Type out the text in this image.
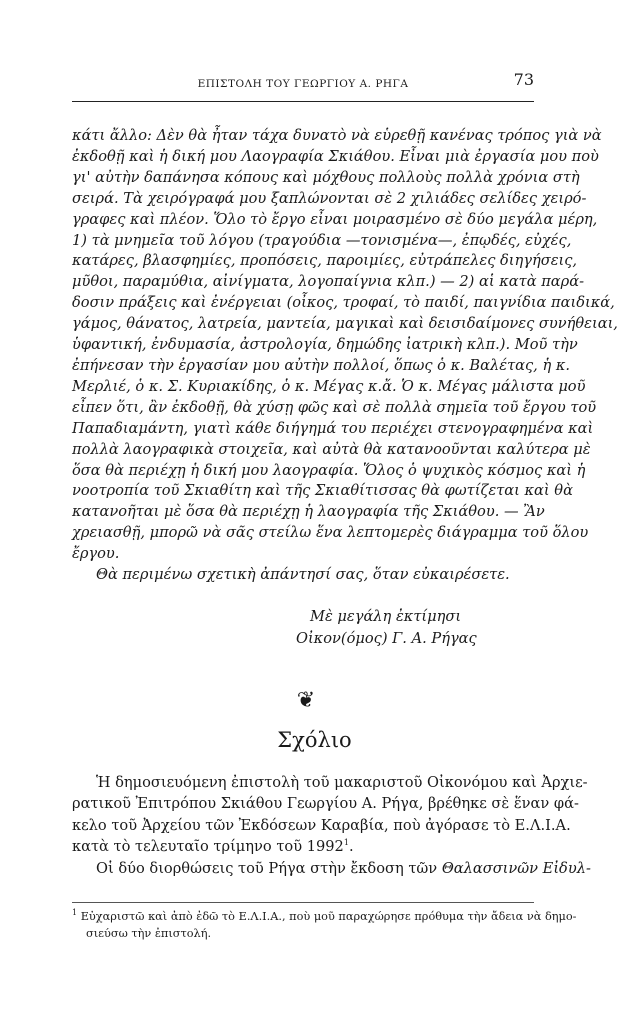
ΕΠΙΣΤΟΛΗ ΤΟΥ ΓΕΩΡΓΙΟΥ Α. ΡΗΓΑ	73
κάτι ἄλλο: Δὲν θὰ ἦταν τάχα δυνατὸ νὰ εὑρεθῇ κανένας τρόπος γιὰ νὰ
ἐκδοθῇ καὶ ἡ δική μου Λαογραφία Σκιάθου. Εἶναι μιὰ ἐργασία μου ποὺ
γι' αὐτὴν δαπάνησα κόπους καὶ μόχθους πολλοὺς πολλὰ χρόνια στὴ
σειρά. Τὰ χειρόγραφά μου ξαπλώνονται σὲ 2 χιλιάδες σελίδες χειρό-
γραφες καὶ πλέον. Ὅλο τὸ ἔργο εἶναι μοιρασμένο σὲ δύο μεγάλα μέρη,
1) τὰ μνημεῖα τοῦ λόγου (τραγούδια —τονισμένα—, ἐπῳδές, εὐχές,
κατάρες, βλασφημίες, προπόσεις, παροιμίες, εὐτράπελες διηγήσεις,
μῦθοι, παραμύθια, αἰνίγματα, λογοπαίγνια κλπ.) — 2) αἱ κατὰ παρά-
δοσιν πράξεις καὶ ἐνέργειαι (οἶκος, τροφαί, τὸ παιδί, παιγνίδια παιδικά,
γάμος, θάνατος, λατρεία, μαντεία, μαγικαὶ καὶ δεισιδαίμονες συνήθειαι,
ὑφαντική, ἐνδυμασία, ἀστρολογία, δημώδης ἰατρικὴ κλπ.). Μοῦ τὴν
ἐπήνεσαν τὴν ἐργασίαν μου αὐτὴν πολλοί, ὅπως ὁ κ. Βαλέτας, ἡ κ.
Μερλιέ, ὁ κ. Σ. Κυριακίδης, ὁ κ. Μέγας κ.ἄ. Ὁ κ. Μέγας μάλιστα μοῦ
εἶπεν ὅτι, ἂν ἐκδοθῇ, θὰ χύσῃ φῶς καὶ σὲ πολλὰ σημεῖα τοῦ ἔργου τοῦ
Παπαδιαμάντη, γιατὶ κάθε διήγημά του περιέχει στενογραφημένα καὶ
πολλὰ λαογραφικὰ στοιχεῖα, καὶ αὐτὰ θὰ κατανοοῦνται καλύτερα μὲ
ὅσα θὰ περιέχῃ ἡ δική μου λαογραφία. Ὅλος ὁ ψυχικὸς κόσμος καὶ ἡ
νοοτροπία τοῦ Σκιαθίτη καὶ τῆς Σκιαθίτισσας θὰ φωτίζεται καὶ θὰ
κατανοῆται μὲ ὅσα θὰ περιέχῃ ἡ λαογραφία τῆς Σκιάθου. — Ἂν
χρειασθῇ, μπορῶ νὰ σᾶς στείλω ἕνα λεπτομερὲς διάγραμμα τοῦ ὅλου
ἔργου.
Θὰ περιμένω σχετικὴ ἀπάντησί σας, ὅταν εὐκαιρέσετε.
Μὲ μεγάλη ἐκτίμησι
Οἰκον(όμος) Γ. Α. Ρήγας
❦
Σχόλιο
Ἡ δημοσιευόμενη ἐπιστολὴ τοῦ μακαριστοῦ Οἰκονόμου καὶ Ἀρχιε-
ρατικοῦ Ἐπιτρόπου Σκιάθου Γεωργίου Α. Ρήγα, βρέθηκε σὲ ἕναν φά-
κελο τοῦ Ἀρχείου τῶν Ἐκδόσεων Καραβία, ποὺ ἀγόρασε τὸ Ε.Λ.Ι.Α.
κατὰ τὸ τελευταῖο τρίμηνο τοῦ 1992$^1$.
Οἱ δύο διορθώσεις τοῦ Ρήγα στὴν ἔκδοση τῶν Θαλασσινῶν Εἰδυλ-
$^1$ Εὐχαριστῶ καὶ ἀπὸ ἐδῶ τὸ Ε.Λ.Ι.Α., ποὺ μοῦ παραχώρησε πρόθυμα τὴν ἄδεια νὰ δημο-
σιεύσω τὴν ἐπιστολή.
